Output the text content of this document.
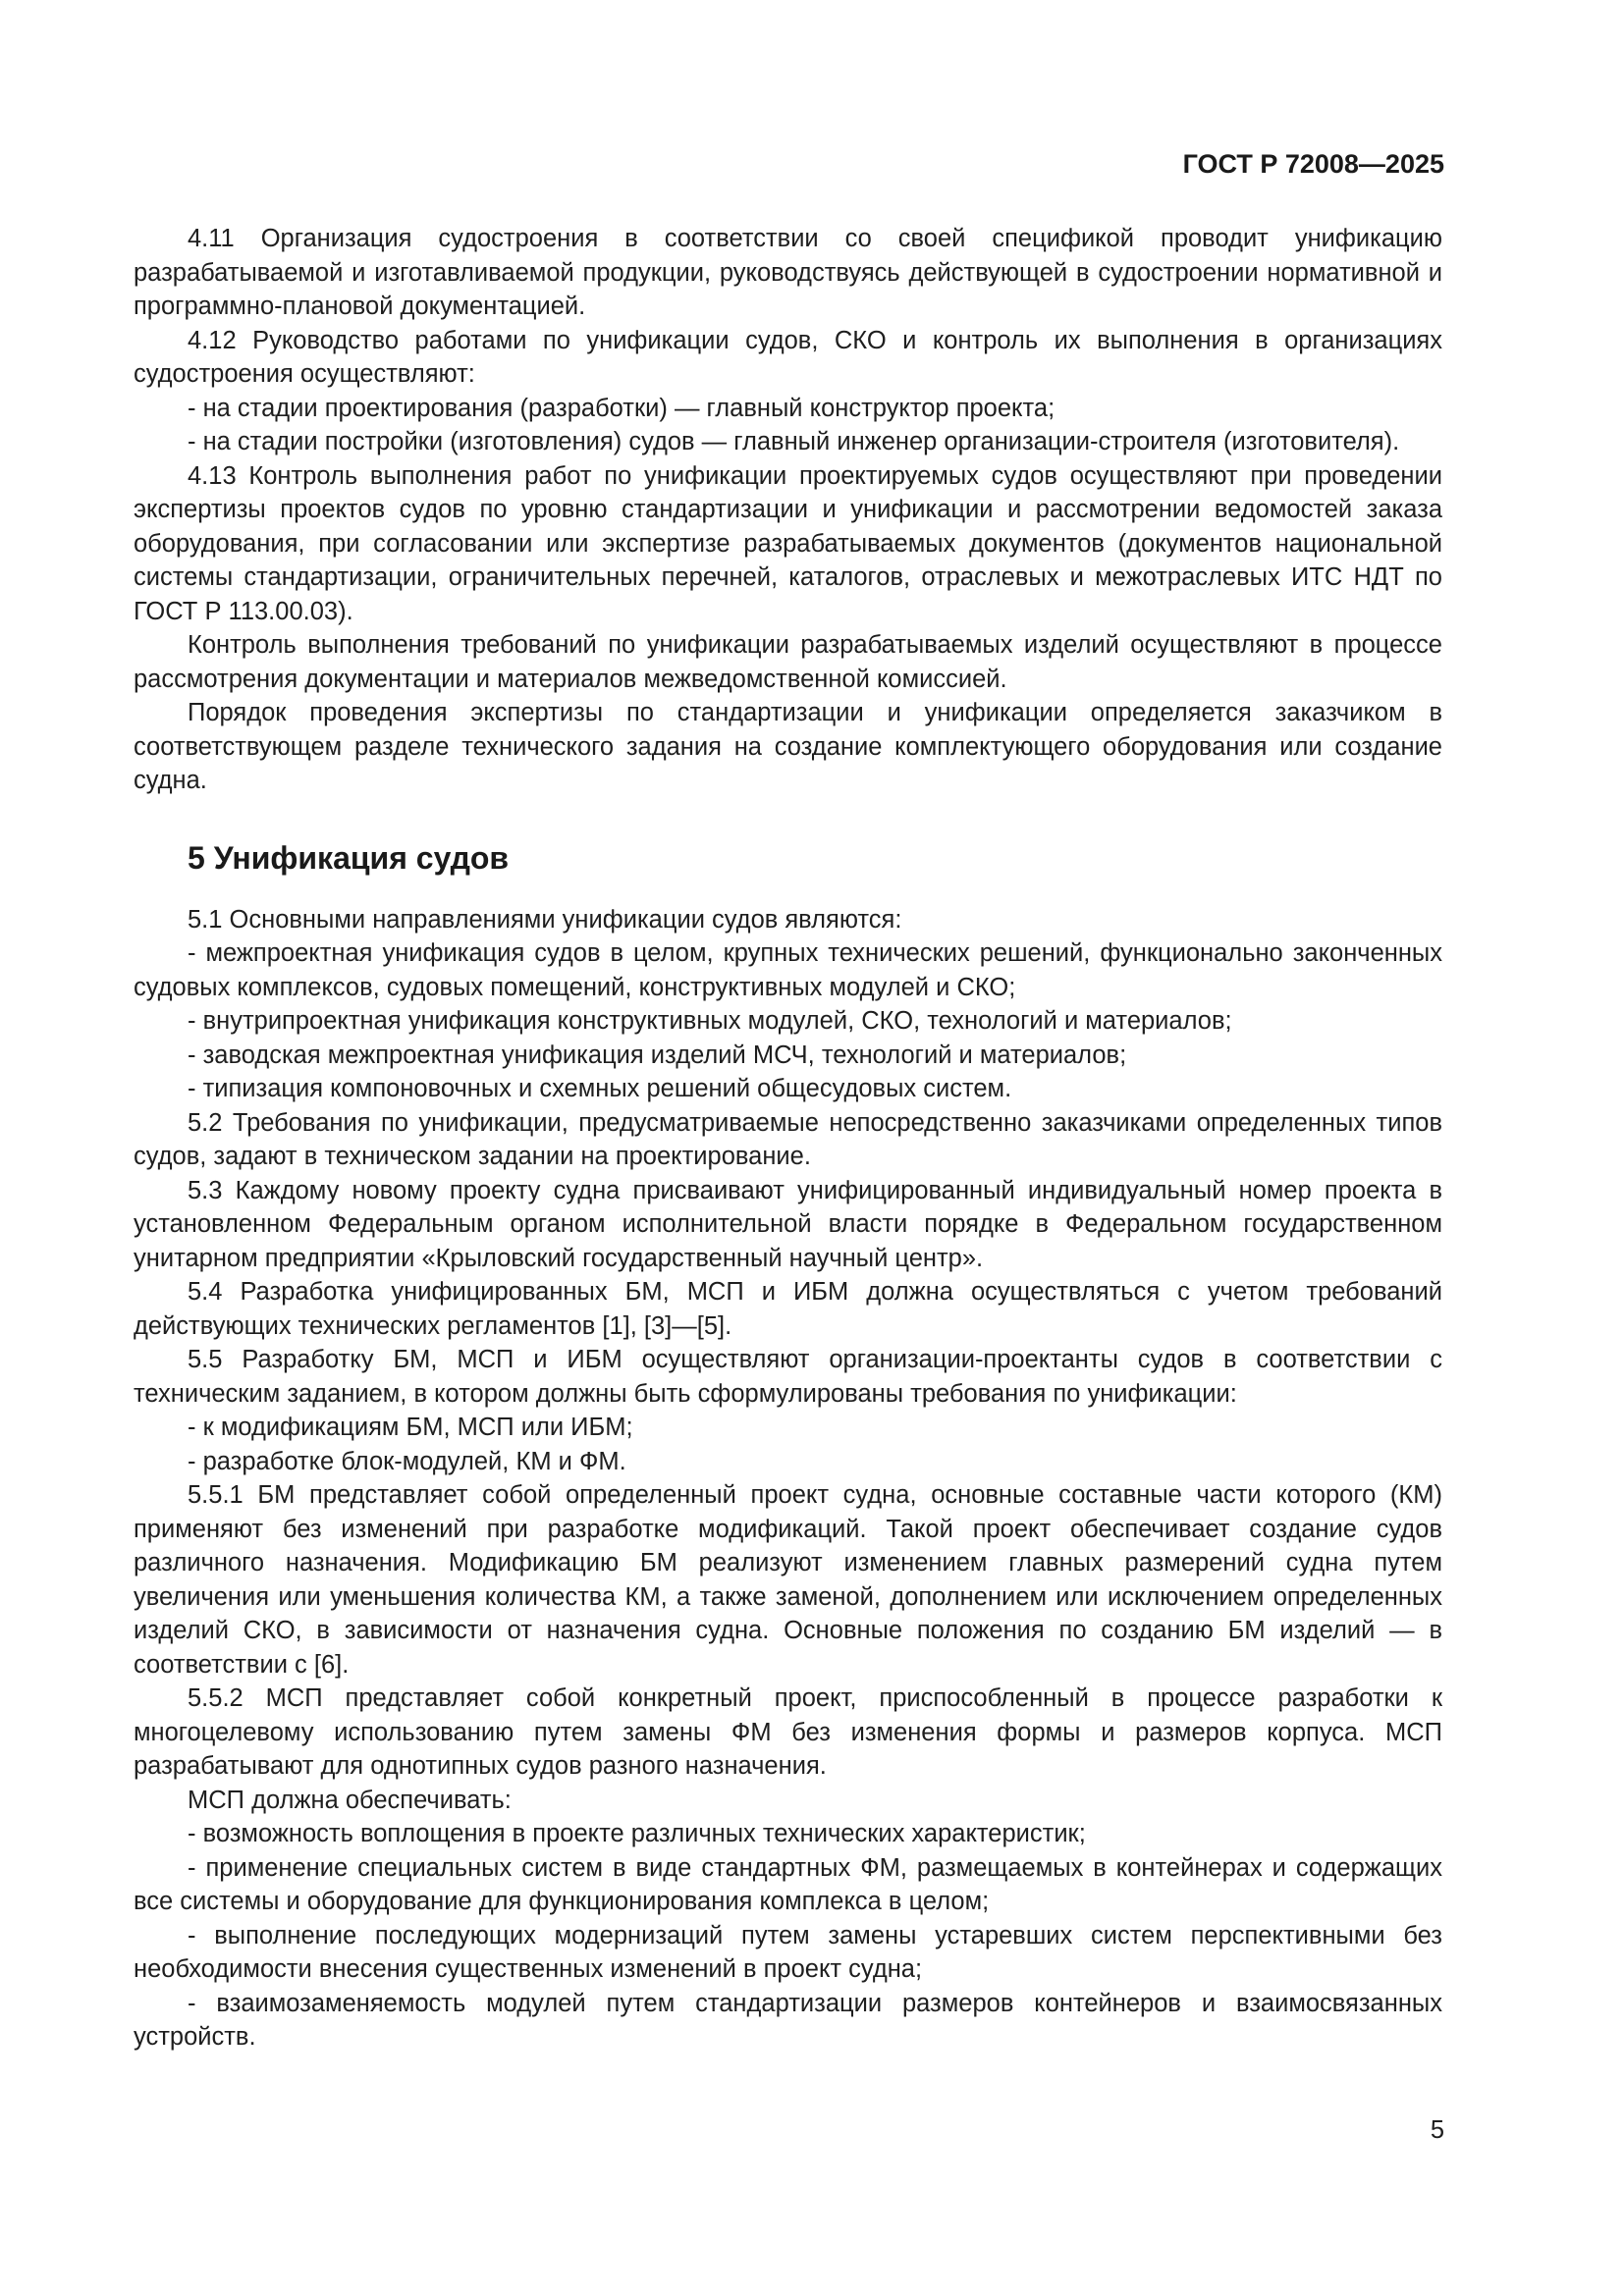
ГОСТ Р 72008—2025

4.11 Организация судостроения в соответствии со своей спецификой проводит унификацию разрабатываемой и изготавливаемой продукции, руководствуясь действующей в судостроении нормативной и программно-плановой документацией.

4.12 Руководство работами по унификации судов, СКО и контроль их выполнения в организациях судостроения осуществляют:

- на стадии проектирования (разработки) — главный конструктор проекта;

- на стадии постройки (изготовления) судов — главный инженер организации-строителя (изготовителя).

4.13 Контроль выполнения работ по унификации проектируемых судов осуществляют при проведении экспертизы проектов судов по уровню стандартизации и унификации и рассмотрении ведомостей заказа оборудования, при согласовании или экспертизе разрабатываемых документов (документов национальной системы стандартизации, ограничительных перечней, каталогов, отраслевых и межотраслевых ИТС НДТ по ГОСТ Р 113.00.03).

Контроль выполнения требований по унификации разрабатываемых изделий осуществляют в процессе рассмотрения документации и материалов межведомственной комиссией.

Порядок проведения экспертизы по стандартизации и унификации определяется заказчиком в соответствующем разделе технического задания на создание комплектующего оборудования или создание судна.

5 Унификация судов

5.1 Основными направлениями унификации судов являются:

- межпроектная унификация судов в целом, крупных технических решений, функционально законченных судовых комплексов, судовых помещений, конструктивных модулей и СКО;

- внутрипроектная унификация конструктивных модулей, СКО, технологий и материалов;

- заводская межпроектная унификация изделий МСЧ, технологий и материалов;

- типизация компоновочных и схемных решений общесудовых систем.

5.2 Требования по унификации, предусматриваемые непосредственно заказчиками определенных типов судов, задают в техническом задании на проектирование.

5.3 Каждому новому проекту судна присваивают унифицированный индивидуальный номер проекта в установленном Федеральным органом исполнительной власти порядке в Федеральном государственном унитарном предприятии «Крыловский государственный научный центр».

5.4 Разработка унифицированных БМ, МСП и ИБМ должна осуществляться с учетом требований действующих технических регламентов [1], [3]—[5].

5.5 Разработку БМ, МСП и ИБМ осуществляют организации-проектанты судов в соответствии с техническим заданием, в котором должны быть сформулированы требования по унификации:

- к модификациям БМ, МСП или ИБМ;

- разработке блок-модулей, КМ и ФМ.

5.5.1 БМ представляет собой определенный проект судна, основные составные части которого (КМ) применяют без изменений при разработке модификаций. Такой проект обеспечивает создание судов различного назначения. Модификацию БМ реализуют изменением главных размерений судна путем увеличения или уменьшения количества КМ, а также заменой, дополнением или исключением определенных изделий СКО, в зависимости от назначения судна. Основные положения по созданию БМ изделий — в соответствии с [6].

5.5.2 МСП представляет собой конкретный проект, приспособленный в процессе разработки к многоцелевому использованию путем замены ФМ без изменения формы и размеров корпуса. МСП разрабатывают для однотипных судов разного назначения.

МСП должна обеспечивать:

- возможность воплощения в проекте различных технических характеристик;

- применение специальных систем в виде стандартных ФМ, размещаемых в контейнерах и содержащих все системы и оборудование для функционирования комплекса в целом;

- выполнение последующих модернизаций путем замены устаревших систем перспективными без необходимости внесения существенных изменений в проект судна;

- взаимозаменяемость модулей путем стандартизации размеров контейнеров и взаимосвязанных устройств.

5
